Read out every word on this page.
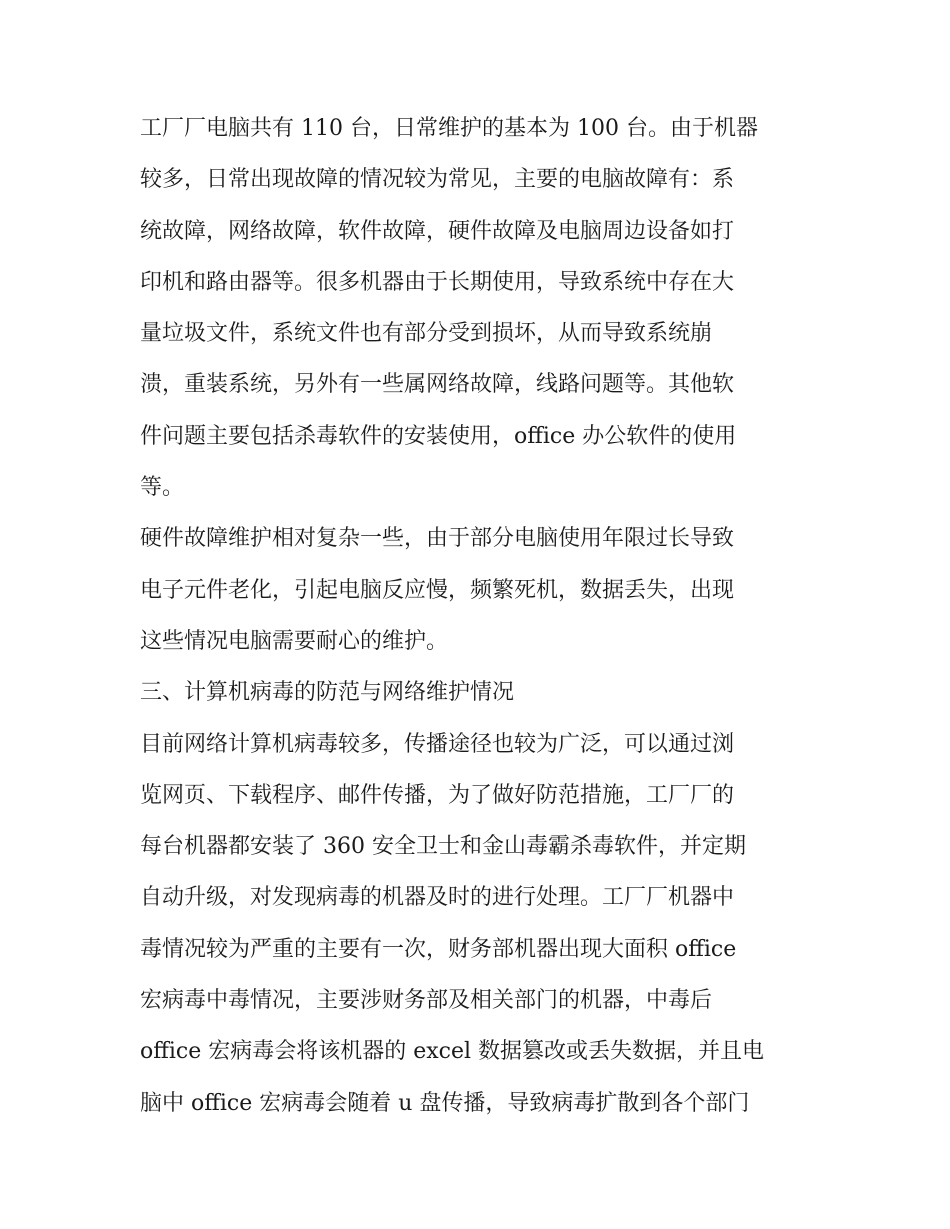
工厂厂电脑共有 110 台，日常维护的基本为 100 台。由于机器
较多，日常出现故障的情况较为常见，主要的电脑故障有：系
统故障，网络故障，软件故障，硬件故障及电脑周边设备如打
印机和路由器等。很多机器由于长期使用，导致系统中存在大
量垃圾文件，系统文件也有部分受到损坏，从而导致系统崩
溃，重装系统，另外有一些属网络故障，线路问题等。其他软
件问题主要包括杀毒软件的安装使用，office 办公软件的使用
等。
硬件故障维护相对复杂一些，由于部分电脑使用年限过长导致
电子元件老化，引起电脑反应慢，频繁死机，数据丢失，出现
这些情况电脑需要耐心的维护。
三、计算机病毒的防范与网络维护情况
目前网络计算机病毒较多，传播途径也较为广泛，可以通过浏
览网页、下载程序、邮件传播，为了做好防范措施，工厂厂的
每台机器都安装了 360 安全卫士和金山毒霸杀毒软件，并定期
自动升级，对发现病毒的机器及时的进行处理。工厂厂机器中
毒情况较为严重的主要有一次，财务部机器出现大面积 office
宏病毒中毒情况，主要涉财务部及相关部门的机器，中毒后
office 宏病毒会将该机器的 excel 数据篡改或丢失数据，并且电
脑中 office 宏病毒会随着 u 盘传播，导致病毒扩散到各个部门
